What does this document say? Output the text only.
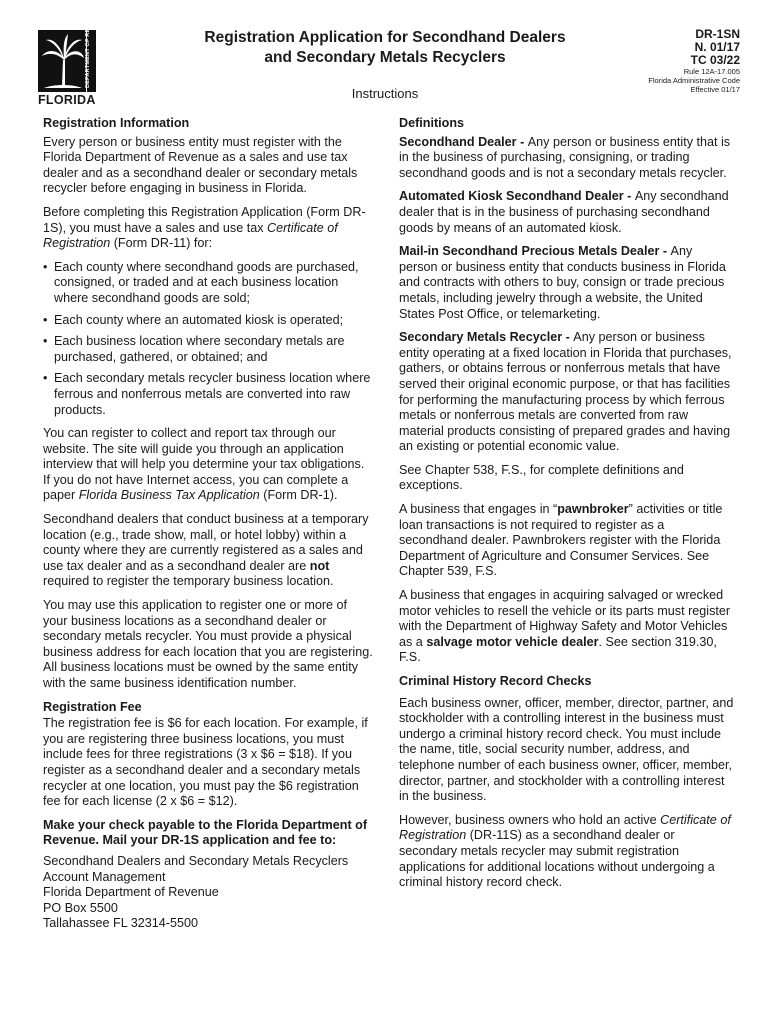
DEPARTMENT OF REVENUE
FLORIDA
Registration Application for Secondhand Dealers
and Secondary Metals Recyclers
Instructions
DR-1SN
N. 01/17
TC 03/22
Rule 12A-17.005
Florida Administrative Code
Effective 01/17
Registration Information

Every person or business entity must register with the Florida Department of Revenue as a sales and use tax dealer and as a secondhand dealer or secondary metals recycler before engaging in business in Florida.

Before completing this Registration Application (Form DR-1S), you must have a sales and use tax Certificate of Registration (Form DR-11) for:

• Each county where secondhand goods are purchased, consigned, or traded and at each business location where secondhand goods are sold;
• Each county where an automated kiosk is operated;
• Each business location where secondary metals are purchased, gathered, or obtained; and
• Each secondary metals recycler business location where ferrous and nonferrous metals are converted into raw products.

You can register to collect and report tax through our website. The site will guide you through an application interview that will help you determine your tax obligations. If you do not have Internet access, you can complete a paper Florida Business Tax Application (Form DR-1).

Secondhand dealers that conduct business at a temporary location (e.g., trade show, mall, or hotel lobby) within a county where they are currently registered as a sales and use tax dealer and as a secondhand dealer are not required to register the temporary business location.

You may use this application to register one or more of your business locations as a secondhand dealer or secondary metals recycler. You must provide a physical business address for each location that you are registering. All business locations must be owned by the same entity with the same business identification number.

Registration Fee

The registration fee is $6 for each location. For example, if you are registering three business locations, you must include fees for three registrations (3 x $6 = $18). If you register as a secondhand dealer and a secondary metals recycler at one location, you must pay the $6 registration fee for each license (2 x $6 = $12).

Make your check payable to the Florida Department of Revenue. Mail your DR-1S application and fee to:

Secondhand Dealers and Secondary Metals Recyclers
Account Management
Florida Department of Revenue
PO Box 5500
Tallahassee FL 32314-5500

Definitions

Secondhand Dealer - Any person or business entity that is in the business of purchasing, consigning, or trading secondhand goods and is not a secondary metals recycler.

Automated Kiosk Secondhand Dealer - Any secondhand dealer that is in the business of purchasing secondhand goods by means of an automated kiosk.

Mail-in Secondhand Precious Metals Dealer - Any person or business entity that conducts business in Florida and contracts with others to buy, consign or trade precious metals, including jewelry through a website, the United States Post Office, or telemarketing.

Secondary Metals Recycler - Any person or business entity operating at a fixed location in Florida that purchases, gathers, or obtains ferrous or nonferrous metals that have served their original economic purpose, or that has facilities for performing the manufacturing process by which ferrous metals or nonferrous metals are converted from raw material products consisting of prepared grades and having an existing or potential economic value.

See Chapter 538, F.S., for complete definitions and exceptions.

A business that engages in “pawnbroker” activities or title loan transactions is not required to register as a secondhand dealer. Pawnbrokers register with the Florida Department of Agriculture and Consumer Services. See Chapter 539, F.S.

A business that engages in acquiring salvaged or wrecked motor vehicles to resell the vehicle or its parts must register with the Department of Highway Safety and Motor Vehicles as a salvage motor vehicle dealer. See section 319.30, F.S.

Criminal History Record Checks

Each business owner, officer, member, director, partner, and stockholder with a controlling interest in the business must undergo a criminal history record check. You must include the name, title, social security number, address, and telephone number of each business owner, officer, member, director, partner, and stockholder with a controlling interest in the business.

However, business owners who hold an active Certificate of Registration (DR-11S) as a secondhand dealer or secondary metals recycler may submit registration applications for additional locations without undergoing a criminal history record check.
